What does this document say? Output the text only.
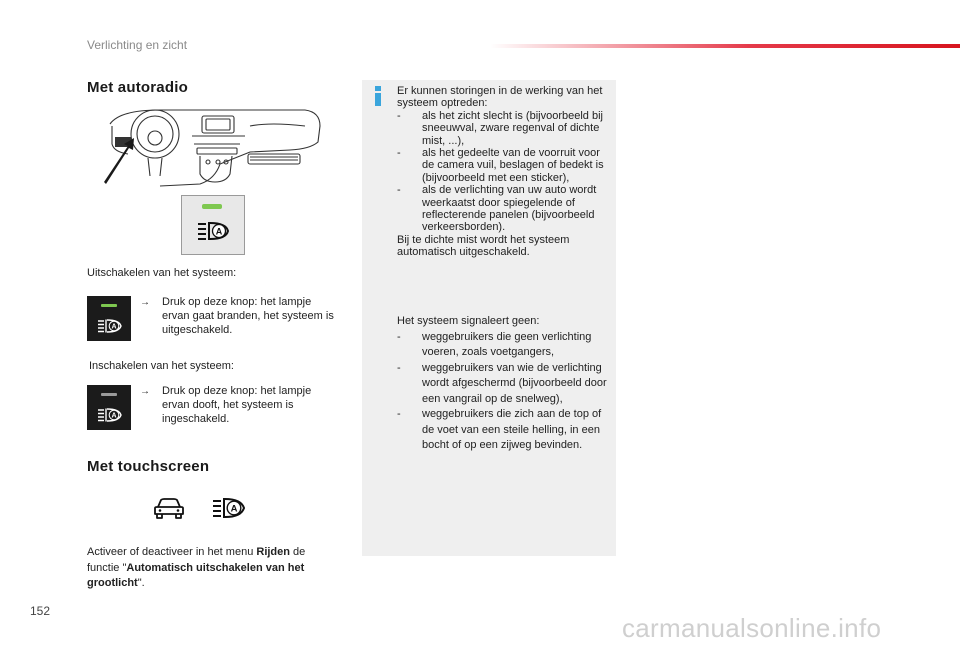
Verlichting en zicht
Met autoradio
A
Uitschakelen van het systeem:
A
→	Druk op deze knop: het lampje ervan gaat branden, het systeem is uitgeschakeld.
Inschakelen van het systeem:
A
→	Druk op deze knop: het lampje ervan dooft, het systeem is ingeschakeld.
Met touchscreen
A
Activeer of deactiveer in het menu Rijden de functie "Automatisch uitschakelen van het grootlicht".
Er kunnen storingen in de werking van het systeem optreden:
-	als het zicht slecht is (bijvoorbeeld bij sneeuwval, zware regenval of dichte mist, ...),
-	als het gedeelte van de voorruit voor de camera vuil, beslagen of bedekt is (bijvoorbeeld met een sticker),
-	als de verlichting van uw auto wordt weerkaatst door spiegelende of reflecterende panelen (bijvoorbeeld verkeersborden).
Bij te dichte mist wordt het systeem automatisch uitgeschakeld.
Het systeem signaleert geen:
-	weggebruikers die geen verlichting voeren, zoals voetgangers,
-	weggebruikers van wie de verlichting wordt afgeschermd (bijvoorbeeld door een vangrail op de snelweg),
-	weggebruikers die zich aan de top of de voet van een steile helling, in een bocht of op een zijweg bevinden.
152
carmanualsonline.info
